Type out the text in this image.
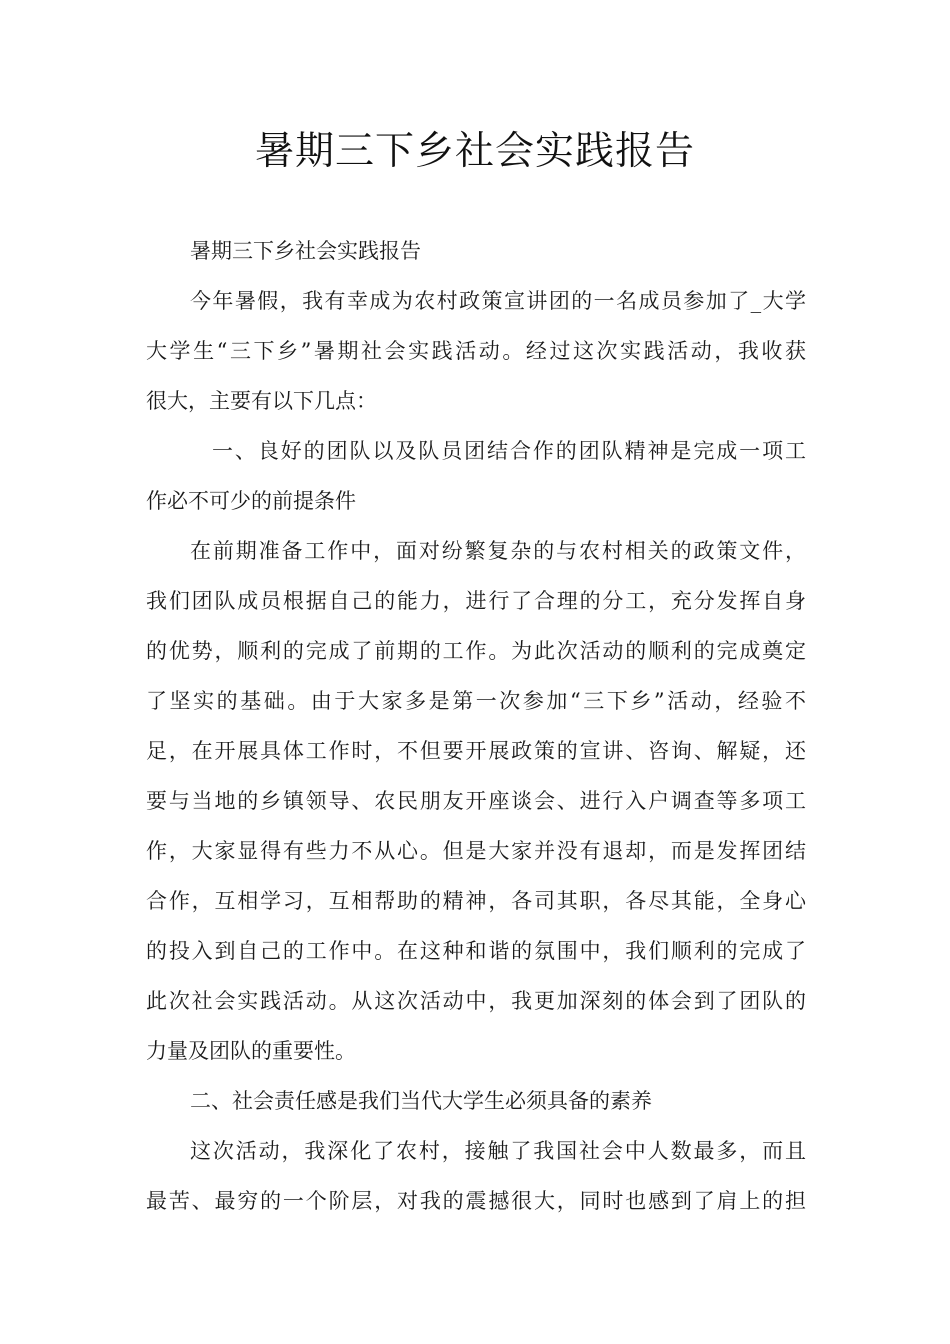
暑期三下乡社会实践报告

暑期三下乡社会实践报告

今年暑假，我有幸成为农村政策宣讲团的一名成员参加了_大学

大学生“三下乡”暑期社会实践活动。经过这次实践活动，我收获

很大，主要有以下几点：

一、良好的团队以及队员团结合作的团队精神是完成一项工

作必不可少的前提条件

在前期准备工作中，面对纷繁复杂的与农村相关的政策文件，

我们团队成员根据自己的能力，进行了合理的分工，充分发挥自身

的优势，顺利的完成了前期的工作。为此次活动的顺利的完成奠定

了坚实的基础。由于大家多是第一次参加“三下乡”活动，经验不

足，在开展具体工作时，不但要开展政策的宣讲、咨询、解疑，还

要与当地的乡镇领导、农民朋友开座谈会、进行入户调查等多项工

作，大家显得有些力不从心。但是大家并没有退却，而是发挥团结

合作，互相学习，互相帮助的精神，各司其职，各尽其能，全身心

的投入到自己的工作中。在这种和谐的氛围中，我们顺利的完成了

此次社会实践活动。从这次活动中，我更加深刻的体会到了团队的

力量及团队的重要性。

二、社会责任感是我们当代大学生必须具备的素养

这次活动，我深化了农村，接触了我国社会中人数最多，而且

最苦、最穷的一个阶层，对我的震撼很大，同时也感到了肩上的担
